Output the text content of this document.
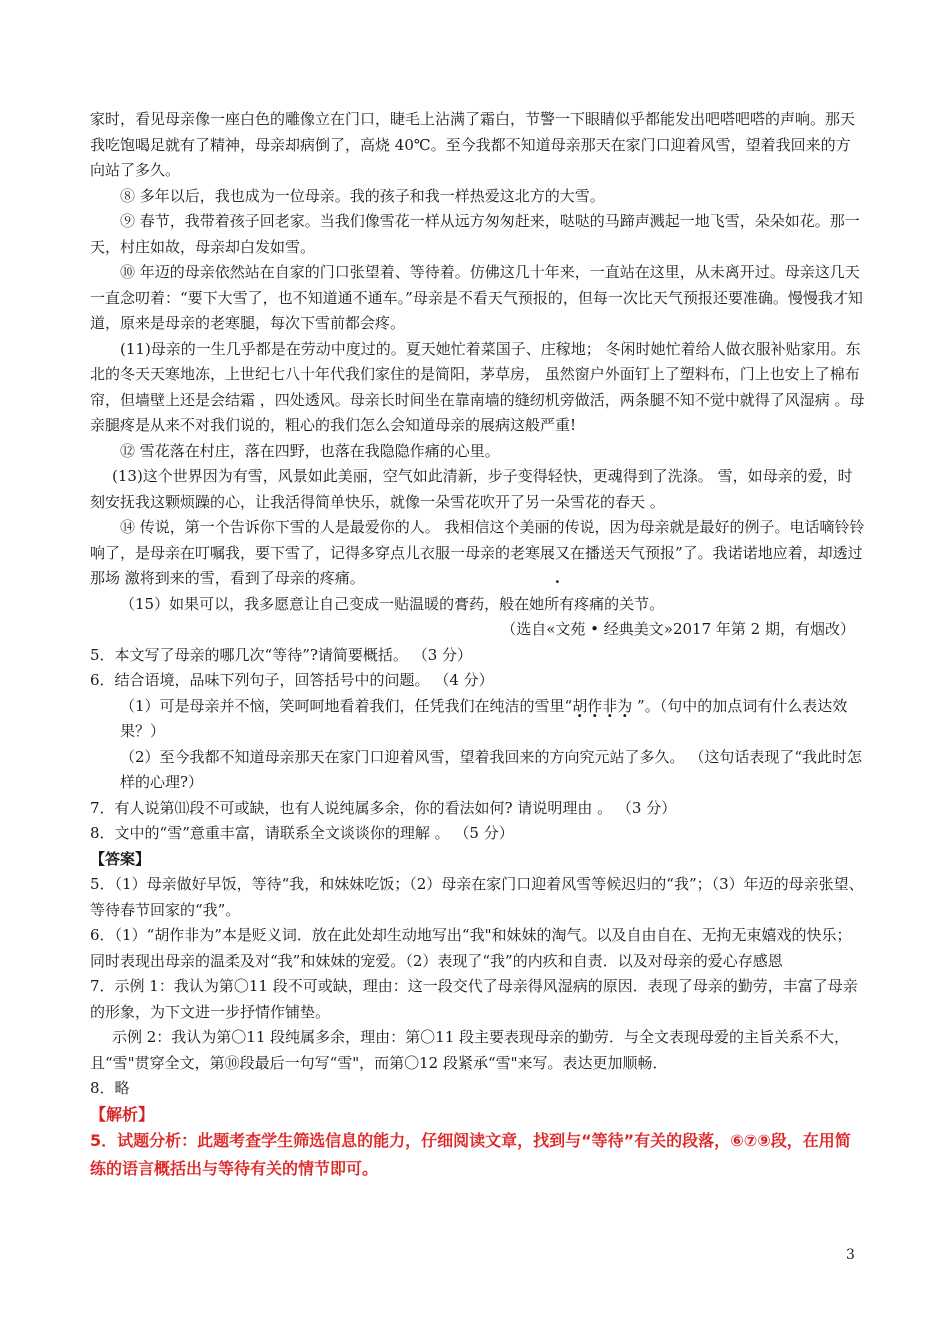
家时，看见母亲像一座白色的雕像立在门口，睫毛上沾满了霜白，节警一下眼睛似乎都能发出吧嗒吧嗒的声响。那天我吃饱喝足就有了精神，母亲却病倒了，高烧 40℃。至今我都不知道母亲那天在家门口迎着风雪，望着我回来的方向站了多久。

⑧ 多年以后，我也成为一位母亲。我的孩子和我一样热爱这北方的大雪。

⑨ 春节，我带着孩子回老家。当我们像雪花一样从远方匆匆赶来，哒哒的马蹄声溅起一地飞雪，朵朵如花。那一天，村庄如故，母亲却白发如雪。

⑩ 年迈的母亲依然站在自家的门口张望着、等待着。仿佛这几十年来，一直站在这里，从未离开过。母亲这几天一直念叨着：“要下大雪了，也不知道通不通车。”母亲是不看天气预报的，但每一次比天气预报还要准确。慢慢我才知道，原来是母亲的老寒腿，每次下雪前都会疼。

(11)母亲的一生几乎都是在劳动中度过的。夏天她忙着菜国子、庄稼地； 冬闲时她忙着给人做衣服补贴家用。东北的冬天天寒地冻，上世纪七八十年代我们家住的是简阳，茅草房， 虽然窗户外面钉上了塑料布，门上也安上了棉布帘，但墙壁上还是会结霜 ，四处透风。母亲长时间坐在靠南墙的缝纫机旁做活，两条腿不知不觉中就得了风湿病 。母亲腿疼是从来不对我们说的，粗心的我们怎么会知道母亲的展病这般严重!

⑫ 雪花落在村庄，落在四野，也落在我隐隐作痛的心里。

(13)这个世界因为有雪，风景如此美丽，空气如此清新，步子变得轻快，更魂得到了洗涤。 雪，如母亲的爱，时刻安抚我这颗烦躁的心，让我活得简单快乐，就像一朵雪花吹开了另一朵雪花的春天 。

⑭ 传说，第一个告诉你下雪的人是最爱你的人。 我相信这个美丽的传说，因为母亲就是最好的例子。电话嘀铃铃响了，是母亲在叮嘱我，要下雪了，记得多穿点儿衣服一母亲的老寒展又在播送天气预报”了。我诺诺地应着，却透过那场 激将到来的雪，看到了母亲的疼痛。	.

（15）如果可以，我多愿意让自己变成一贴温暖的膏药，般在她所有疼痛的关节。

（选自«文苑 • 经典美文»2017 年第 2 期，有烟改）

5．本文写了母亲的哪几次“等待”?请简要概括。 （3 分）

6．结合语境，品味下列句子，回答括号中的问题。 （4 分）

（1）可是母亲并不恼，笑呵呵地看着我们，任凭我们在纯洁的雪里“胡作非为 ”。（句中的加点词有什么表达效果？）

（2）至今我都不知道母亲那天在家门口迎着风雪，望着我回来的方向究元站了多久。 （这句话表现了“我此时怎样的心理?）

7．有人说第⑾段不可或缺，也有人说纯属多余，你的看法如何? 请说明理由 。 （3 分）

8．文中的“雪”意重丰富，请联系全文谈谈你的理解 。 （5 分）

【答案】

5．（1）母亲做好早饭，等待“我，和妹妹吃饭；（2）母亲在家门口迎着风雪等候迟归的“我”；（3）年迈的母亲张望、等待春节回家的“我”。

6．（1）“胡作非为”本是贬义词．放在此处却生动地写出“我"和妹妹的淘气。以及自由自在、无拘无束嬉戏的快乐；同时表现出母亲的温柔及对“我”和妹妹的宠爱。（2）表现了“我”的内疚和自责．以及对母亲的爱心存感恩

7．示例 1：我认为第〇11 段不可或缺，理由：这一段交代了母亲得风湿病的原因．表现了母亲的勤劳，丰富了母亲的形象，为下文进一步抒情作铺垫。

示例 2：我认为第〇11 段纯属多余，理由：第〇11 段主要表现母亲的勤劳．与全文表现母爱的主旨关系不大，且“雪"贯穿全文，第⑩段最后一句写“雪"，而第〇12 段紧承“雪"来写。表达更加顺畅．

8．略

【解析】

5．试题分析：此题考查学生筛选信息的能力，仔细阅读文章，找到与“等待”有关的段落，⑥⑦⑨段，在用简练的语言概括出与等待有关的情节即可。

3
